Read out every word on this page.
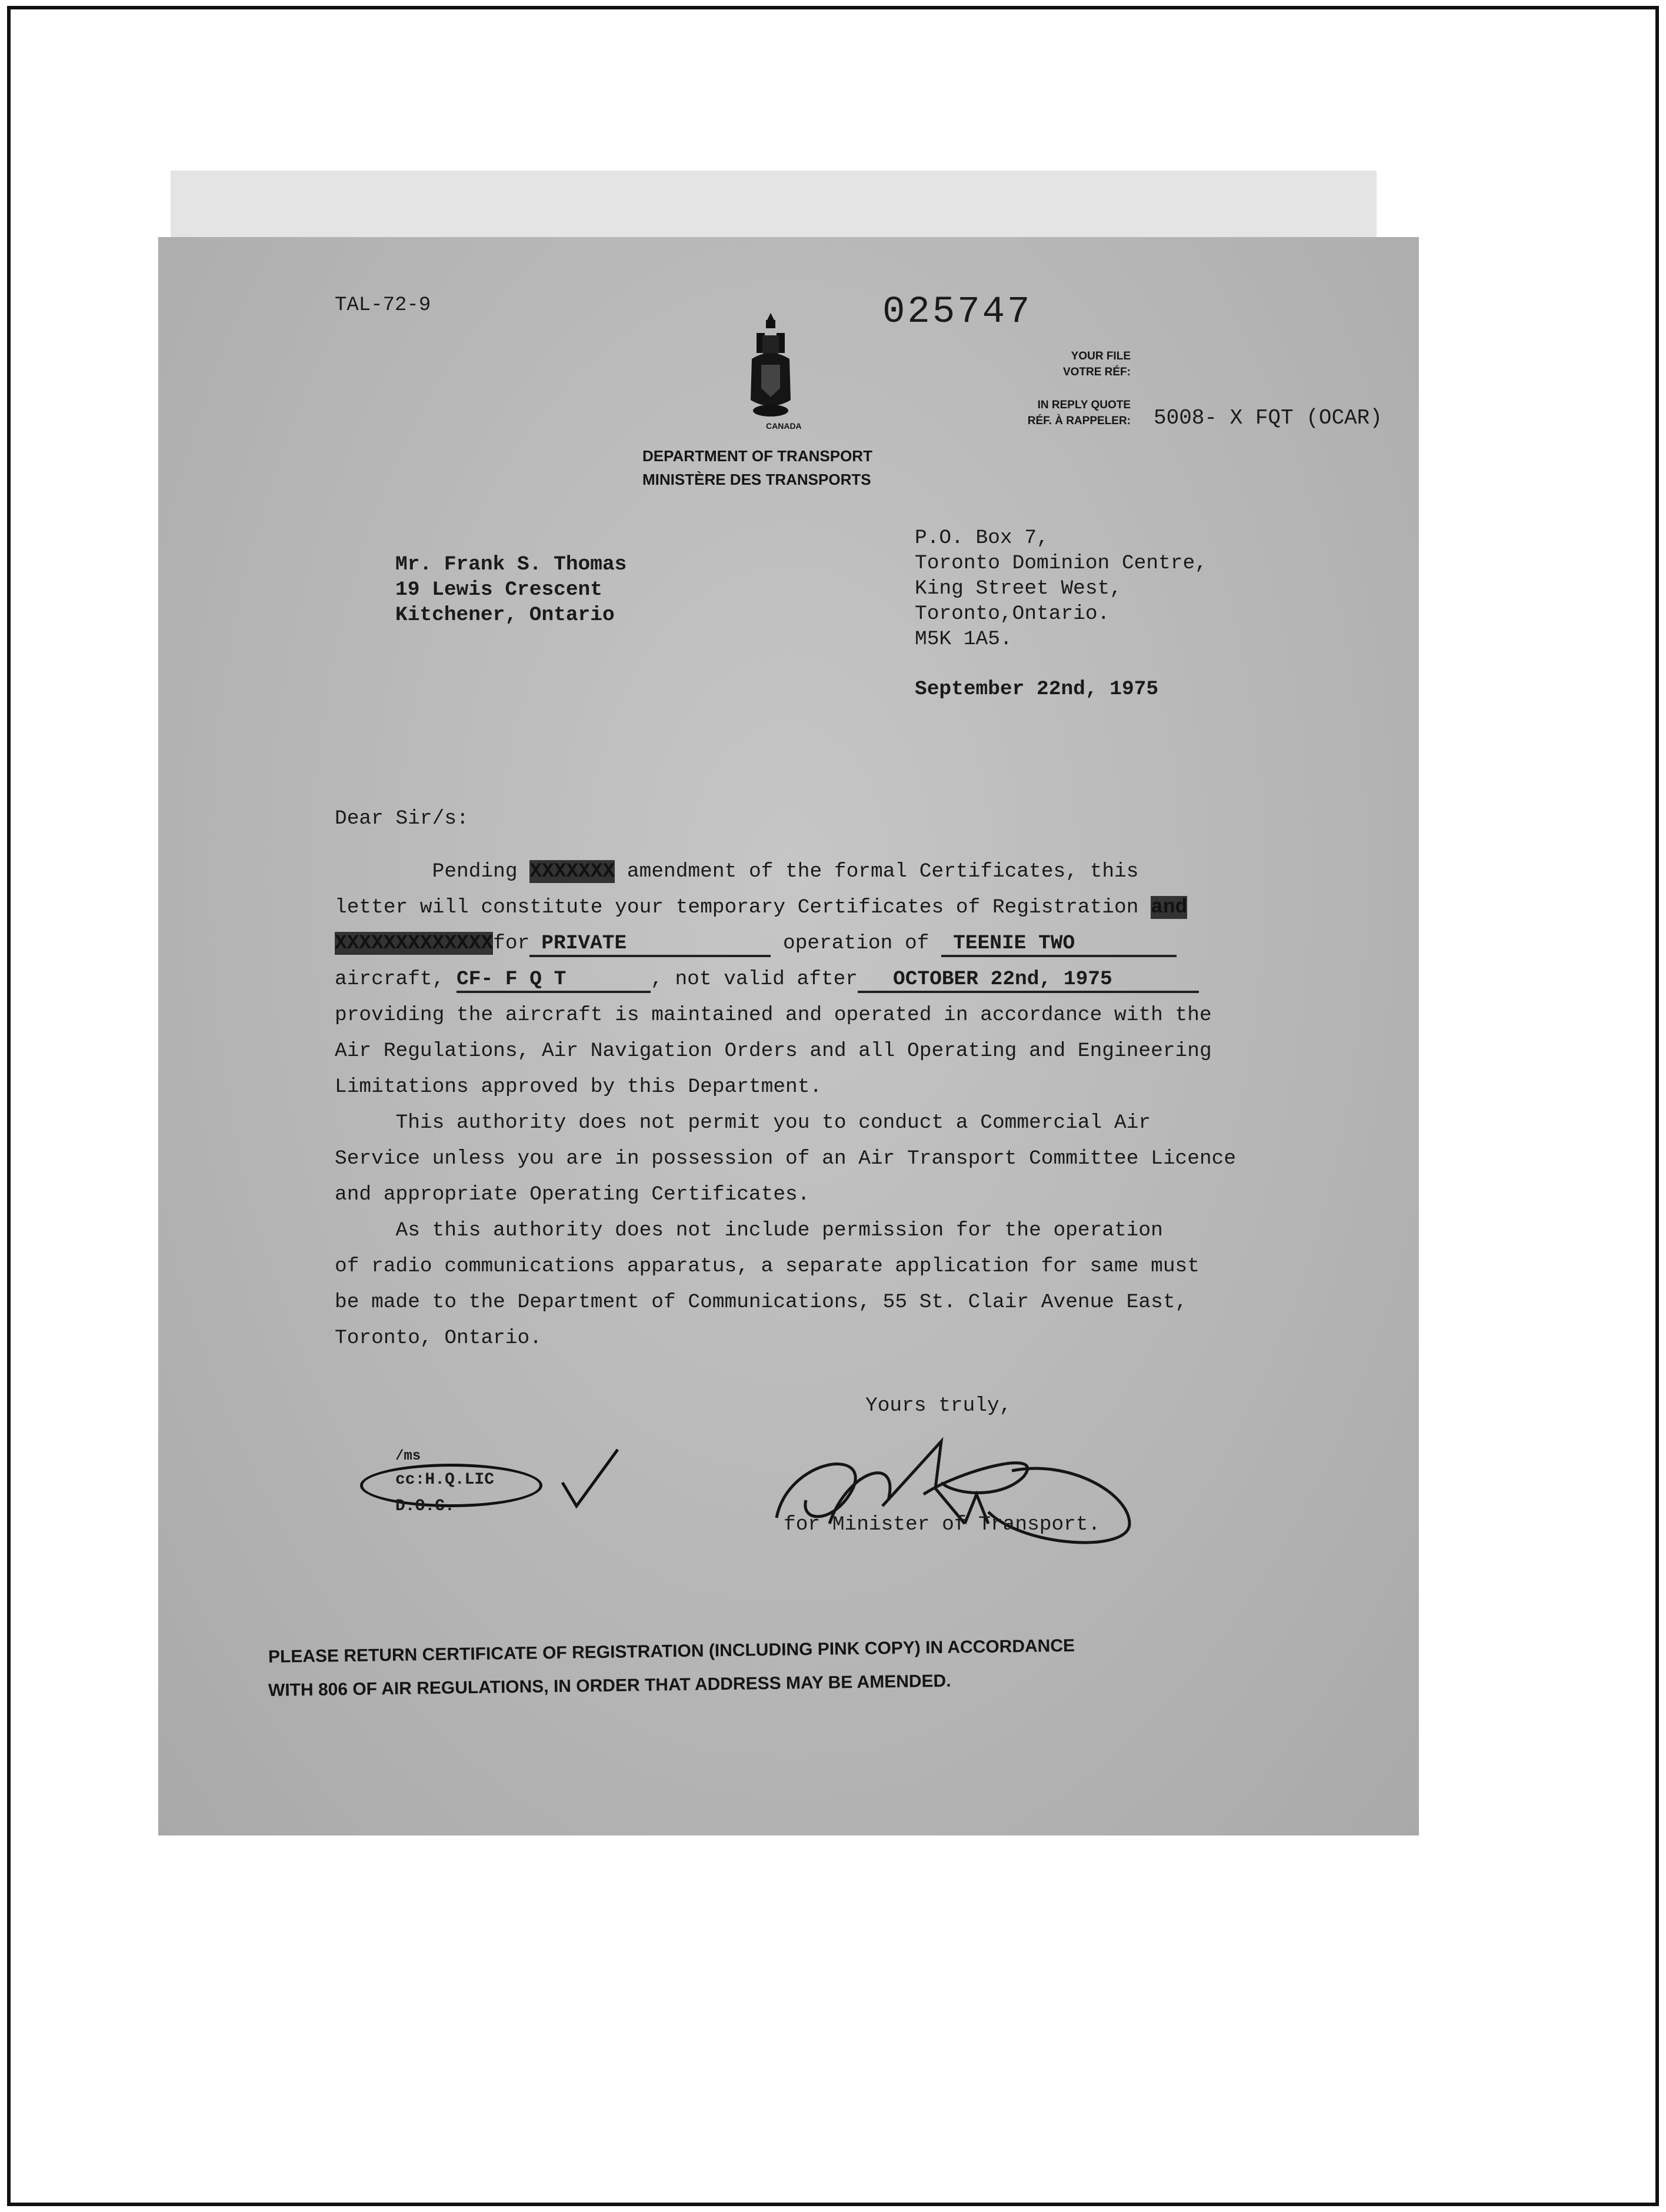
TAL-72-9	025747
CANADA
DEPARTMENT OF TRANSPORT
MINISTÈRE DES TRANSPORTS
YOUR FILE
VOTRE RÉF:
IN REPLY QUOTE
RÉF. À RAPPELER: 5008- X FQT (OCAR)
Mr. Frank S. Thomas
19 Lewis Crescent
Kitchener, Ontario
P.O. Box 7,
Toronto Dominion Centre,
King Street West,
Toronto,Ontario.
M5K 1A5.
September 22nd, 1975
Dear Sir/s:
Pending XXXXXXX amendment of the formal Certificates, this
letter will constitute your temporary Certificates of Registration and
XXXXXXXXXXXXXfor PRIVATE	operation of TEENIE TWO
aircraft, CF- F Q T	, not valid after OCTOBER 22nd, 1975
providing the aircraft is maintained and operated in accordance with the
Air Regulations, Air Navigation Orders and all Operating and Engineering
Limitations approved by this Department.
This authority does not permit you to conduct a Commercial Air
Service unless you are in possession of an Air Transport Committee Licence
and appropriate Operating Certificates.
As this authority does not include permission for the operation
of radio communications apparatus, a separate application for same must
be made to the Department of Communications, 55 St. Clair Avenue East,
Toronto, Ontario.
Yours truly,
/ms
cc:H.Q.LIC
D.O.C.
for Minister of Transport.
PLEASE RETURN CERTIFICATE OF REGISTRATION (INCLUDING PINK COPY) IN ACCORDANCE
WITH 806 OF AIR REGULATIONS, IN ORDER THAT ADDRESS MAY BE AMENDED.
